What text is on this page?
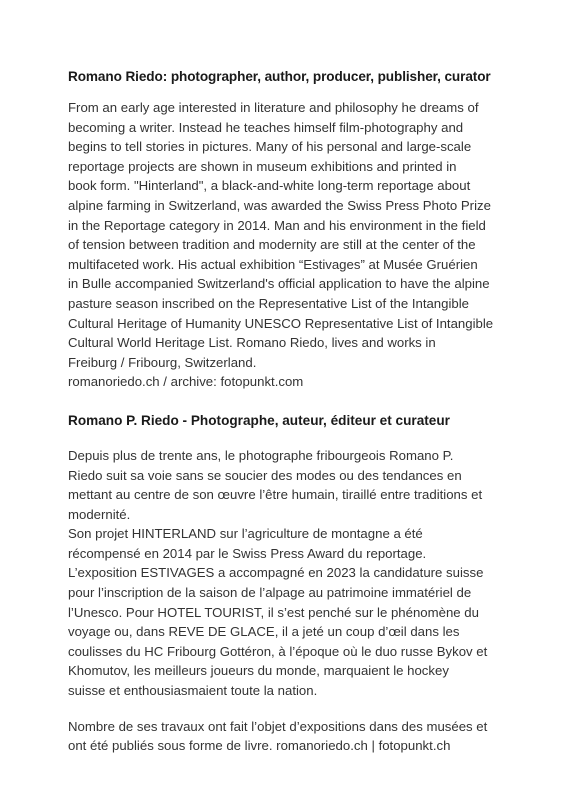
Romano Riedo: photographer, author, producer, publisher, curator

From an early age interested in literature and philosophy he dreams of
becoming a writer. Instead he teaches himself film-photography and
begins to tell stories in pictures. Many of his personal and large-scale
reportage projects are shown in museum exhibitions and printed in
book form. "Hinterland", a black-and-white long-term reportage about
alpine farming in Switzerland, was awarded the Swiss Press Photo Prize
in the Reportage category in 2014. Man and his environment in the field
of tension between tradition and modernity are still at the center of the
multifaceted work. His actual exhibition “Estivages” at Musée Gruérien
in Bulle accompanied Switzerland's official application to have the alpine
pasture season inscribed on the Representative List of the Intangible
Cultural Heritage of Humanity UNESCO Representative List of Intangible
Cultural World Heritage List. Romano Riedo, lives and works in
Freiburg / Fribourg, Switzerland.
romanoriedo.ch / archive: fotopunkt.com

Romano P. Riedo - Photographe, auteur, éditeur et curateur

Depuis plus de trente ans, le photographe fribourgeois Romano P.
Riedo suit sa voie sans se soucier des modes ou des tendances en
mettant au centre de son œuvre l’être humain, tiraillé entre traditions et
modernité.
Son projet HINTERLAND sur l’agriculture de montagne a été
récompensé en 2014 par le Swiss Press Award du reportage.
L’exposition ESTIVAGES a accompagné en 2023 la candidature suisse
pour l’inscription de la saison de l’alpage au patrimoine immatériel de
l’Unesco. Pour HOTEL TOURIST, il s’est penché sur le phénomène du
voyage ou, dans REVE DE GLACE, il a jeté un coup d’œil dans les
coulisses du HC Fribourg Gottéron, à l’époque où le duo russe Bykov et
Khomutov, les meilleurs joueurs du monde, marquaient le hockey
suisse et enthousiasmaient toute la nation.

Nombre de ses travaux ont fait l’objet d’expositions dans des musées et
ont été publiés sous forme de livre. romanoriedo.ch | fotopunkt.ch
